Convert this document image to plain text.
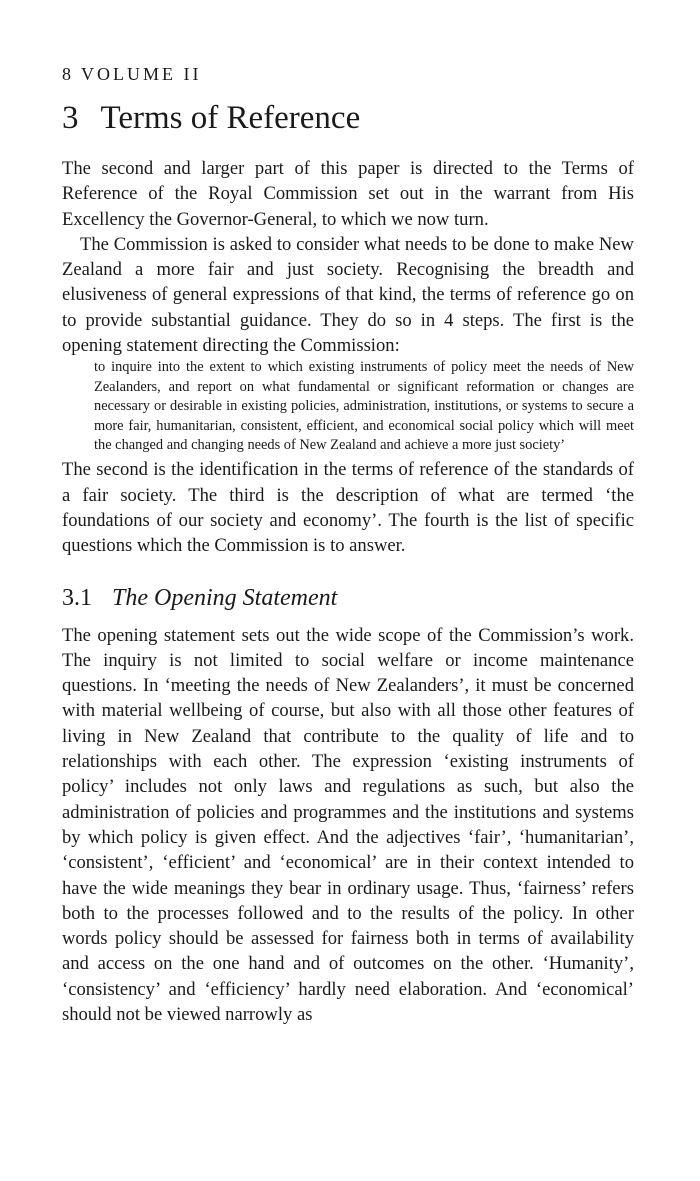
8 VOLUME II
3 Terms of Reference

The second and larger part of this paper is directed to the Terms of Reference of the Royal Commission set out in the warrant from His Excellency the Governor-General, to which we now turn.

The Commission is asked to consider what needs to be done to make New Zealand a more fair and just society. Recognising the breadth and elusiveness of general expressions of that kind, the terms of reference go on to provide substantial guidance. They do so in 4 steps. The first is the opening statement directing the Commission:

to inquire into the extent to which existing instruments of policy meet the needs of New Zealanders, and report on what fundamental or significant reformation or changes are necessary or desirable in existing policies, administration, institutions, or systems to secure a more fair, humanitarian, consistent, efficient, and economical social policy which will meet the changed and changing needs of New Zealand and achieve a more just society’

The second is the identification in the terms of reference of the standards of a fair society. The third is the description of what are termed ‘the foundations of our society and economy’. The fourth is the list of specific questions which the Commission is to answer.

3.1 The Opening Statement

The opening statement sets out the wide scope of the Commission’s work. The inquiry is not limited to social welfare or income maintenance questions. In ‘meeting the needs of New Zealanders’, it must be concerned with material wellbeing of course, but also with all those other features of living in New Zealand that contribute to the quality of life and to relationships with each other. The expression ‘existing instruments of policy’ includes not only laws and regulations as such, but also the administration of policies and programmes and the institutions and systems by which policy is given effect. And the adjectives ‘fair’, ‘humanitarian’, ‘consistent’, ‘efficient’ and ‘economical’ are in their context intended to have the wide meanings they bear in ordinary usage. Thus, ‘fairness’ refers both to the processes followed and to the results of the policy. In other words policy should be assessed for fairness both in terms of availability and access on the one hand and of outcomes on the other. ‘Humanity’, ‘consistency’ and ‘efficiency’ hardly need elaboration. And ‘economical’ should not be viewed narrowly as
